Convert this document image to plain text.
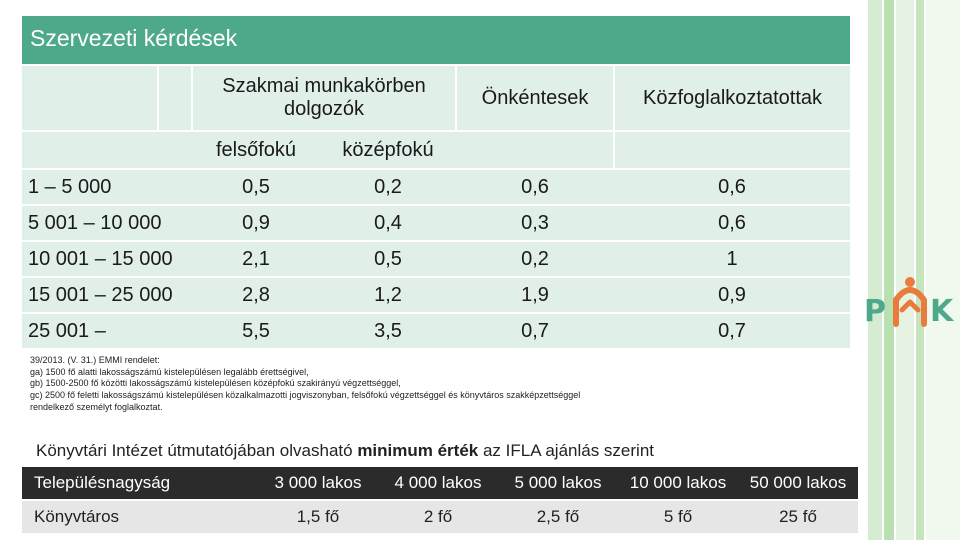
Szervezeti kérdések
		Szakmai munkakörben dolgozók		Önkéntesek	Közfoglalkoztatottak
		felsőfokú	középfokú		
1 – 5 000		0,5	0,2	0,6	0,6
5 001 – 10 000		0,9	0,4	0,3	0,6
10 001 – 15 000		2,1	0,5	0,2	1
15 001 – 25 000		2,8	1,2	1,9	0,9
25 001 –		5,5	3,5	0,7	0,7
39/2013. (V. 31.) EMMI rendelet:
ga) 1500 fő alatti lakosságszámú kistelepülésen legalább érettségivel,
gb) 1500-2500 fő közötti lakosságszámú kistelepülésen középfokú szakirányú végzettséggel,
gc) 2500 fő feletti lakosságszámú kistelepülésen közalkalmazotti jogviszonyban, felsőfokú végzettséggel és könyvtáros szakképzettséggel
rendelkező személyt foglalkoztat.
Könyvtári Intézet útmutatójában olvasható minimum érték az IFLA ajánlás szerint
Településnagyság	3 000 lakos	4 000 lakos	5 000 lakos	10 000 lakos	50 000 lakos
Könyvtáros	1,5 fő	2 fő	2,5 fő	5 fő	25 fő
P K
